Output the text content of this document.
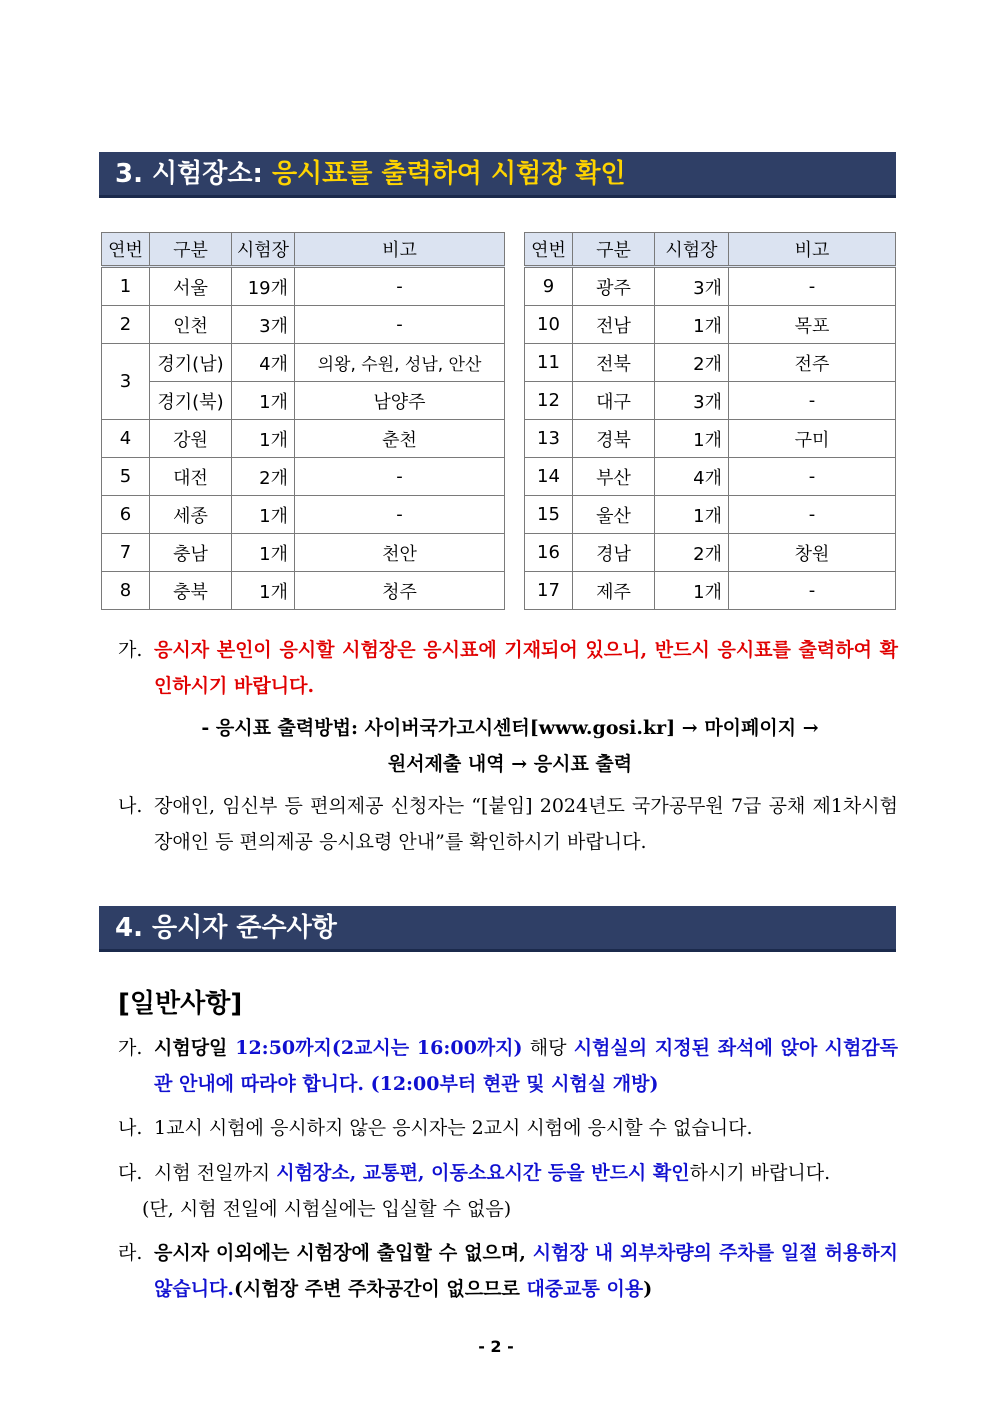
3. 시험장소: 응시표를 출력하여 시험장 확인
연번	구분	시험장	비고
1	서울	19개	-
2	인천	3개	-
3	경기(남)	4개	의왕, 수원, 성남, 안산
	경기(북)	1개	남양주
4	강원	1개	춘천
5	대전	2개	-
6	세종	1개	-
7	충남	1개	천안
8	충북	1개	청주
연번	구분	시험장	비고
9	광주	3개	-
10	전남	1개	목포
11	전북	2개	전주
12	대구	3개	-
13	경북	1개	구미
14	부산	4개	-
15	울산	1개	-
16	경남	2개	창원
17	제주	1개	-
가. 응시자 본인이 응시할 시험장은 응시표에 기재되어 있으니, 반드시 응시표를 출력하여 확인하시기 바랍니다.
- 응시표 출력방법: 사이버국가고시센터[www.gosi.kr] → 마이페이지 →
원서제출 내역 → 응시표 출력
나. 장애인, 임신부 등 편의제공 신청자는 “[붙임] 2024년도 국가공무원 7급 공채 제1차시험 장애인 등 편의제공 응시요령 안내”를 확인하시기 바랍니다.
4. 응시자 준수사항
[일반사항]
가. 시험당일 12:50까지(2교시는 16:00까지) 해당 시험실의 지정된 좌석에 앉아 시험감독관 안내에 따라야 합니다. (12:00부터 현관 및 시험실 개방)
나. 1교시 시험에 응시하지 않은 응시자는 2교시 시험에 응시할 수 없습니다.
다. 시험 전일까지 시험장소, 교통편, 이동소요시간 등을 반드시 확인하시기 바랍니다.
(단, 시험 전일에 시험실에는 입실할 수 없음)
라. 응시자 이외에는 시험장에 출입할 수 없으며, 시험장 내 외부차량의 주차를 일절 허용하지 않습니다.(시험장 주변 주차공간이 없으므로 대중교통 이용)
- 2 -
